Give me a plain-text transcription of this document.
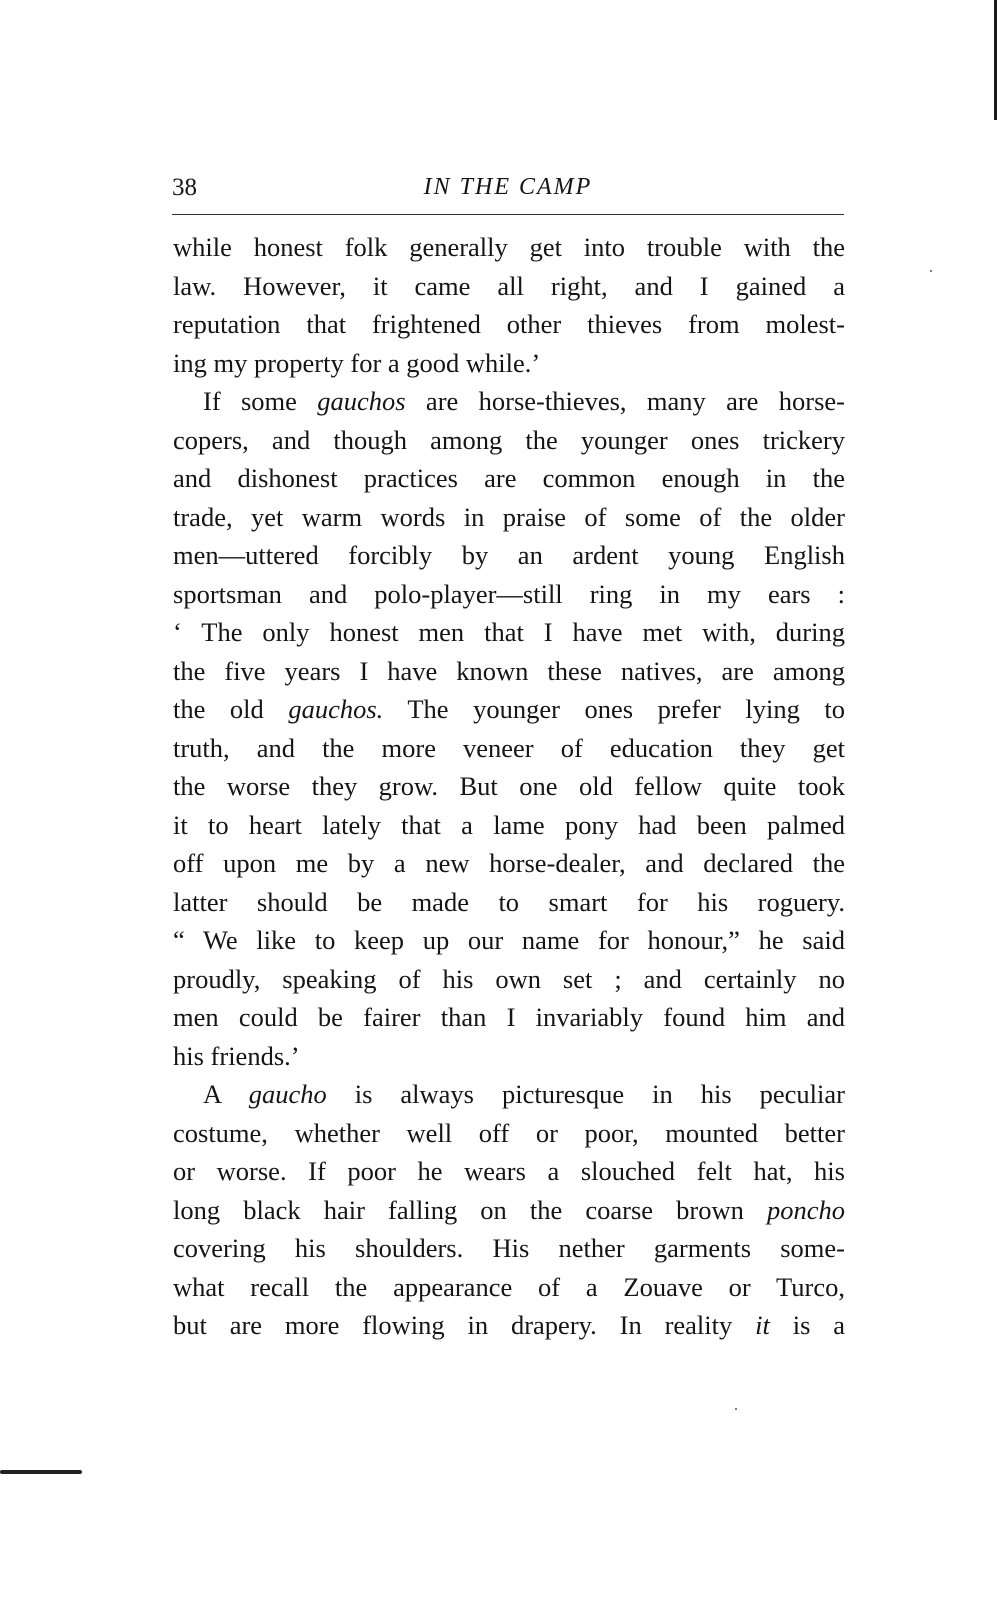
38	IN THE CAMP
while honest folk generally get into trouble with the
law. However, it came all right, and I gained a
reputation that frightened other thieves from molest-
ing my property for a good while.’
If some gauchos are horse-thieves, many are horse-
copers, and though among the younger ones trickery
and dishonest practices are common enough in the
trade, yet warm words in praise of some of the older
men—uttered forcibly by an ardent young English
sportsman and polo-player—still ring in my ears :
‘ The only honest men that I have met with, during
the five years I have known these natives, are among
the old gauchos. The younger ones prefer lying to
truth, and the more veneer of education they get
the worse they grow. But one old fellow quite took
it to heart lately that a lame pony had been palmed
off upon me by a new horse-dealer, and declared the
latter should be made to smart for his roguery.
“ We like to keep up our name for honour,” he said
proudly, speaking of his own set ; and certainly no
men could be fairer than I invariably found him and
his friends.’
A gaucho is always picturesque in his peculiar
costume, whether well off or poor, mounted better
or worse. If poor he wears a slouched felt hat, his
long black hair falling on the coarse brown poncho
covering his shoulders. His nether garments some-
what recall the appearance of a Zouave or Turco,
but are more flowing in drapery. In reality it is a
